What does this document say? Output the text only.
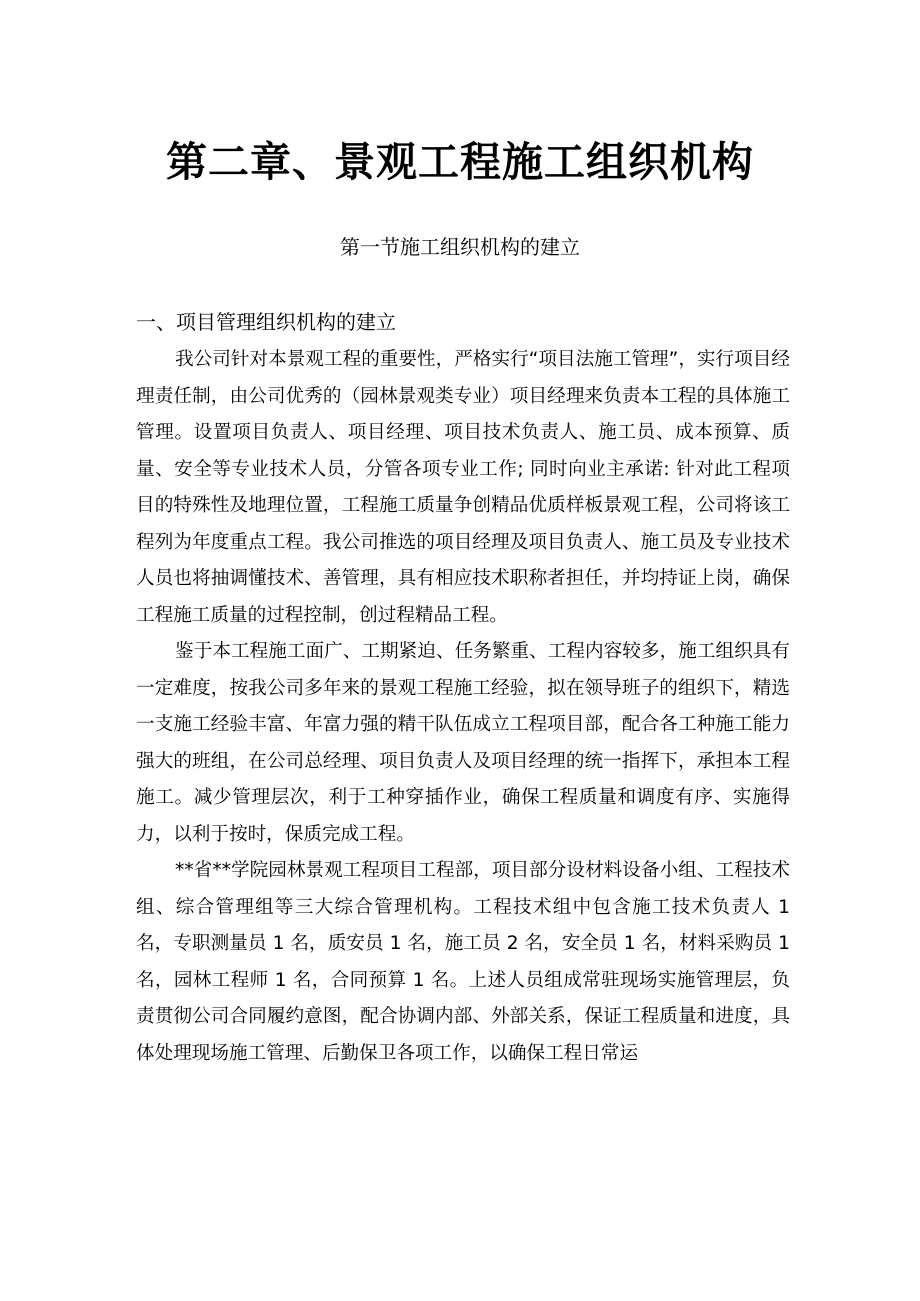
第二章、景观工程施工组织机构
第一节施工组织机构的建立
一、项目管理组织机构的建立

我公司针对本景观工程的重要性，严格实行“项目法施工管理”，实行项目经理责任制，由公司优秀的（园林景观类专业）项目经理来负责本工程的具体施工管理。设置项目负责人、项目经理、项目技术负责人、施工员、成本预算、质量、安全等专业技术人员，分管各项专业工作; 同时向业主承诺: 针对此工程项目的特殊性及地理位置，工程施工质量争创精品优质样板景观工程，公司将该工程列为年度重点工程。我公司推选的项目经理及项目负责人、施工员及专业技术人员也将抽调懂技术、善管理，具有相应技术职称者担任，并均持证上岗，确保工程施工质量的过程控制，创过程精品工程。

鉴于本工程施工面广、工期紧迫、任务繁重、工程内容较多，施工组织具有一定难度，按我公司多年来的景观工程施工经验，拟在领导班子的组织下，精选一支施工经验丰富、年富力强的精干队伍成立工程项目部，配合各工种施工能力强大的班组，在公司总经理、项目负责人及项目经理的统一指挥下，承担本工程施工。减少管理层次，利于工种穿插作业，确保工程质量和调度有序、实施得力，以利于按时，保质完成工程。

**省**学院园林景观工程项目工程部，项目部分设材料设备小组、工程技术组、综合管理组等三大综合管理机构。工程技术组中包含施工技术负责人 1 名，专职测量员 1 名，质安员 1 名，施工员 2 名，安全员 1 名，材料采购员 1 名，园林工程师 1 名，合同预算 1 名。上述人员组成常驻现场实施管理层，负责贯彻公司合同履约意图，配合协调内部、外部关系，保证工程质量和进度，具体处理现场施工管理、后勤保卫各项工作，以确保工程日常运
